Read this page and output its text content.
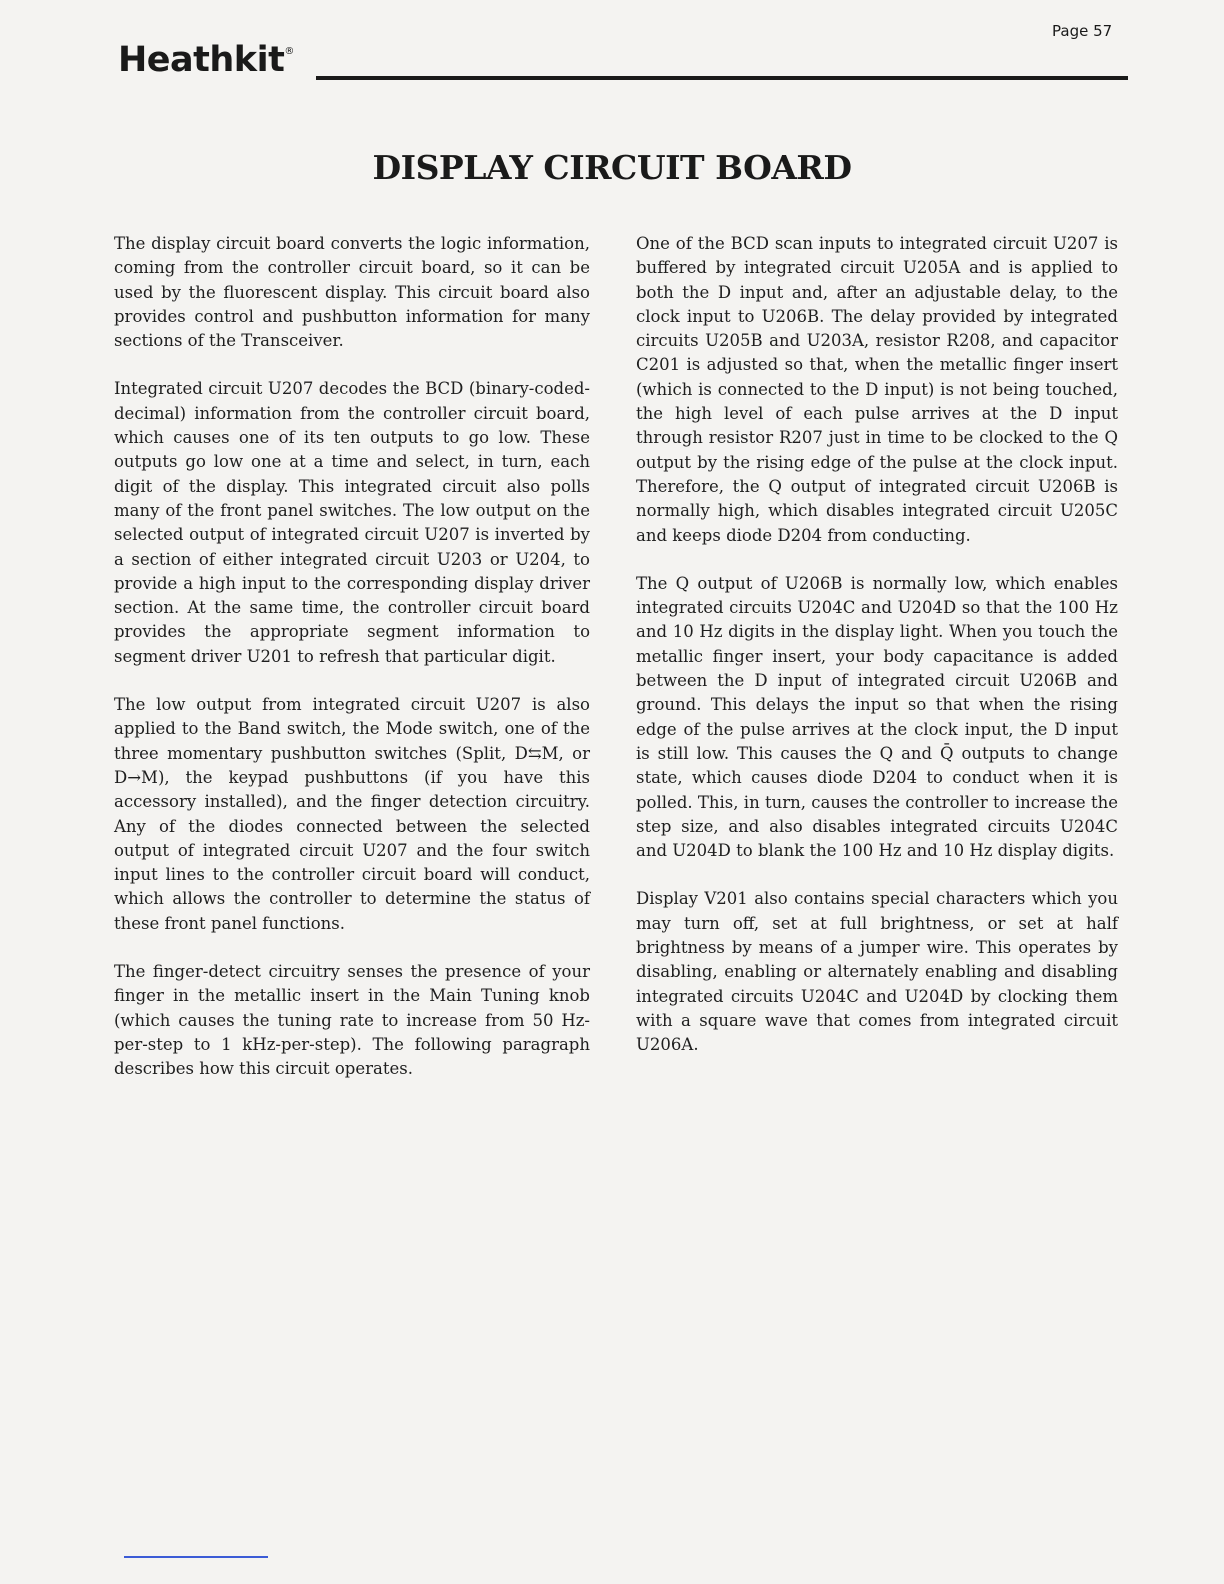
Heathkit®
Page 57
DISPLAY CIRCUIT BOARD

The display circuit board converts the logic information, coming from the controller circuit board, so it can be used by the fluorescent display. This circuit board also provides control and pushbutton information for many sections of the Transceiver.

Integrated circuit U207 decodes the BCD (binary-coded-decimal) information from the controller circuit board, which causes one of its ten outputs to go low. These outputs go low one at a time and select, in turn, each digit of the display. This integrated circuit also polls many of the front panel switches. The low output on the selected output of integrated circuit U207 is inverted by a section of either integrated circuit U203 or U204, to provide a high input to the corresponding display driver section. At the same time, the controller circuit board provides the appropriate segment information to segment driver U201 to refresh that particular digit.

The low output from integrated circuit U207 is also applied to the Band switch, the Mode switch, one of the three momentary pushbutton switches (Split, D⇆M, or D→M), the keypad pushbuttons (if you have this accessory installed), and the finger detection circuitry. Any of the diodes connected between the selected output of integrated circuit U207 and the four switch input lines to the controller circuit board will conduct, which allows the controller to determine the status of these front panel functions.

The finger-detect circuitry senses the presence of your finger in the metallic insert in the Main Tuning knob (which causes the tuning rate to increase from 50 Hz-per-step to 1 kHz-per-step). The following paragraph describes how this circuit operates.

One of the BCD scan inputs to integrated circuit U207 is buffered by integrated circuit U205A and is applied to both the D input and, after an adjustable delay, to the clock input to U206B. The delay provided by integrated circuits U205B and U203A, resistor R208, and capacitor C201 is adjusted so that, when the metallic finger insert (which is connected to the D input) is not being touched, the high level of each pulse arrives at the D input through resistor R207 just in time to be clocked to the Q output by the rising edge of the pulse at the clock input. Therefore, the Q output of integrated circuit U206B is normally high, which disables integrated circuit U205C and keeps diode D204 from conducting.

The Q output of U206B is normally low, which enables integrated circuits U204C and U204D so that the 100 Hz and 10 Hz digits in the display light. When you touch the metallic finger insert, your body capacitance is added between the D input of integrated circuit U206B and ground. This delays the input so that when the rising edge of the pulse arrives at the clock input, the D input is still low. This causes the Q and Q̄ outputs to change state, which causes diode D204 to conduct when it is polled. This, in turn, causes the controller to increase the step size, and also disables integrated circuits U204C and U204D to blank the 100 Hz and 10 Hz display digits.

Display V201 also contains special characters which you may turn off, set at full brightness, or set at half brightness by means of a jumper wire. This operates by disabling, enabling or alternately enabling and disabling integrated circuits U204C and U204D by clocking them with a square wave that comes from integrated circuit U206A.
